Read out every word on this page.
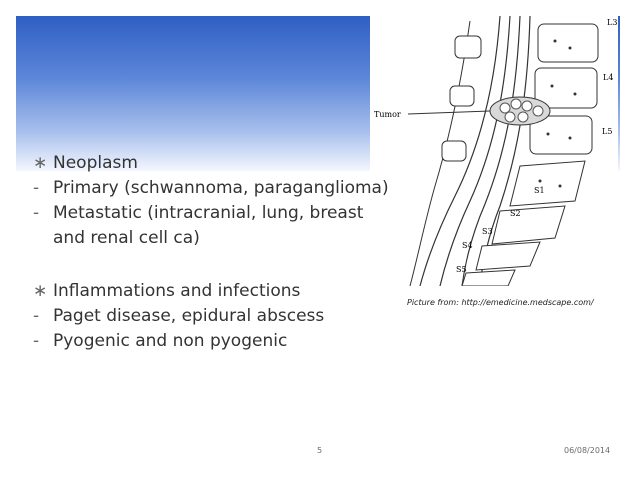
Tumor
L3
L4
L5
S1
S2
S3
S4
S5
∗ Neoplasm
- Primary (schwannoma, paraganglioma)
- Metastatic (intracranial, lung, breast
and renal cell ca)
∗ Inflammations and infections
- Paget disease, epidural abscess
- Pyogenic and non pyogenic
Picture from: http://emedicine.medscape.com/
5	06/08/2014
